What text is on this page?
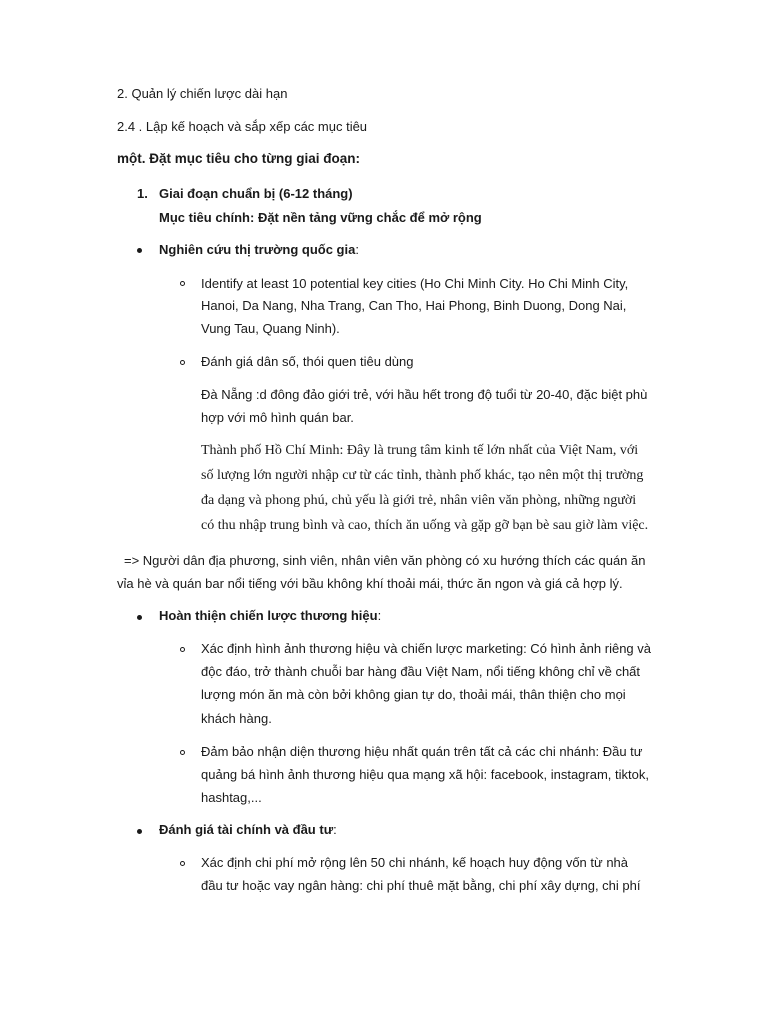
2. Quản lý chiến lược dài hạn
2.4 . Lập kế hoạch và sắp xếp các mục tiêu
một. Đặt mục tiêu cho từng giai đoạn:
1. Giai đoạn chuẩn bị (6-12 tháng)
Mục tiêu chính: Đặt nền tảng vững chắc để mở rộng
Nghiên cứu thị trường quốc gia:
Identify at least 10 potential key cities (Ho Chi Minh City. Ho Chi Minh City,
Hanoi, Da Nang, Nha Trang, Can Tho, Hai Phong, Binh Duong, Dong Nai,
Vung Tau, Quang Ninh).
Đánh giá dân số, thói quen tiêu dùng
Đà Nẵng :d đông đảo giới trẻ, với hầu hết trong độ tuổi từ 20-40, đặc biệt phù
hợp với mô hình quán bar.
Thành phố Hồ Chí Minh: Đây là trung tâm kinh tế lớn nhất của Việt Nam, với
số lượng lớn người nhập cư từ các tỉnh, thành phố khác, tạo nên một thị trường
đa dạng và phong phú, chủ yếu là giới trẻ, nhân viên văn phòng, những người
có thu nhập trung bình và cao, thích ăn uống và gặp gỡ bạn bè sau giờ làm việc.
=> Người dân địa phương, sinh viên, nhân viên văn phòng có xu hướng thích các quán ăn
vỉa hè và quán bar nổi tiếng với bầu không khí thoải mái, thức ăn ngon và giá cả hợp lý.
Hoàn thiện chiến lược thương hiệu:
Xác định hình ảnh thương hiệu và chiến lược marketing: Có hình ảnh riêng và
độc đáo, trở thành chuỗi bar hàng đầu Việt Nam, nổi tiếng không chỉ về chất
lượng món ăn mà còn bởi không gian tự do, thoải mái, thân thiện cho mọi
khách hàng.
Đảm bảo nhận diện thương hiệu nhất quán trên tất cả các chi nhánh: Đầu tư
quảng bá hình ảnh thương hiệu qua mạng xã hội: facebook, instagram, tiktok,
hashtag,...
Đánh giá tài chính và đầu tư:
Xác định chi phí mở rộng lên 50 chi nhánh, kế hoạch huy động vốn từ nhà
đầu tư hoặc vay ngân hàng: chi phí thuê mặt bằng, chi phí xây dựng, chi phí
